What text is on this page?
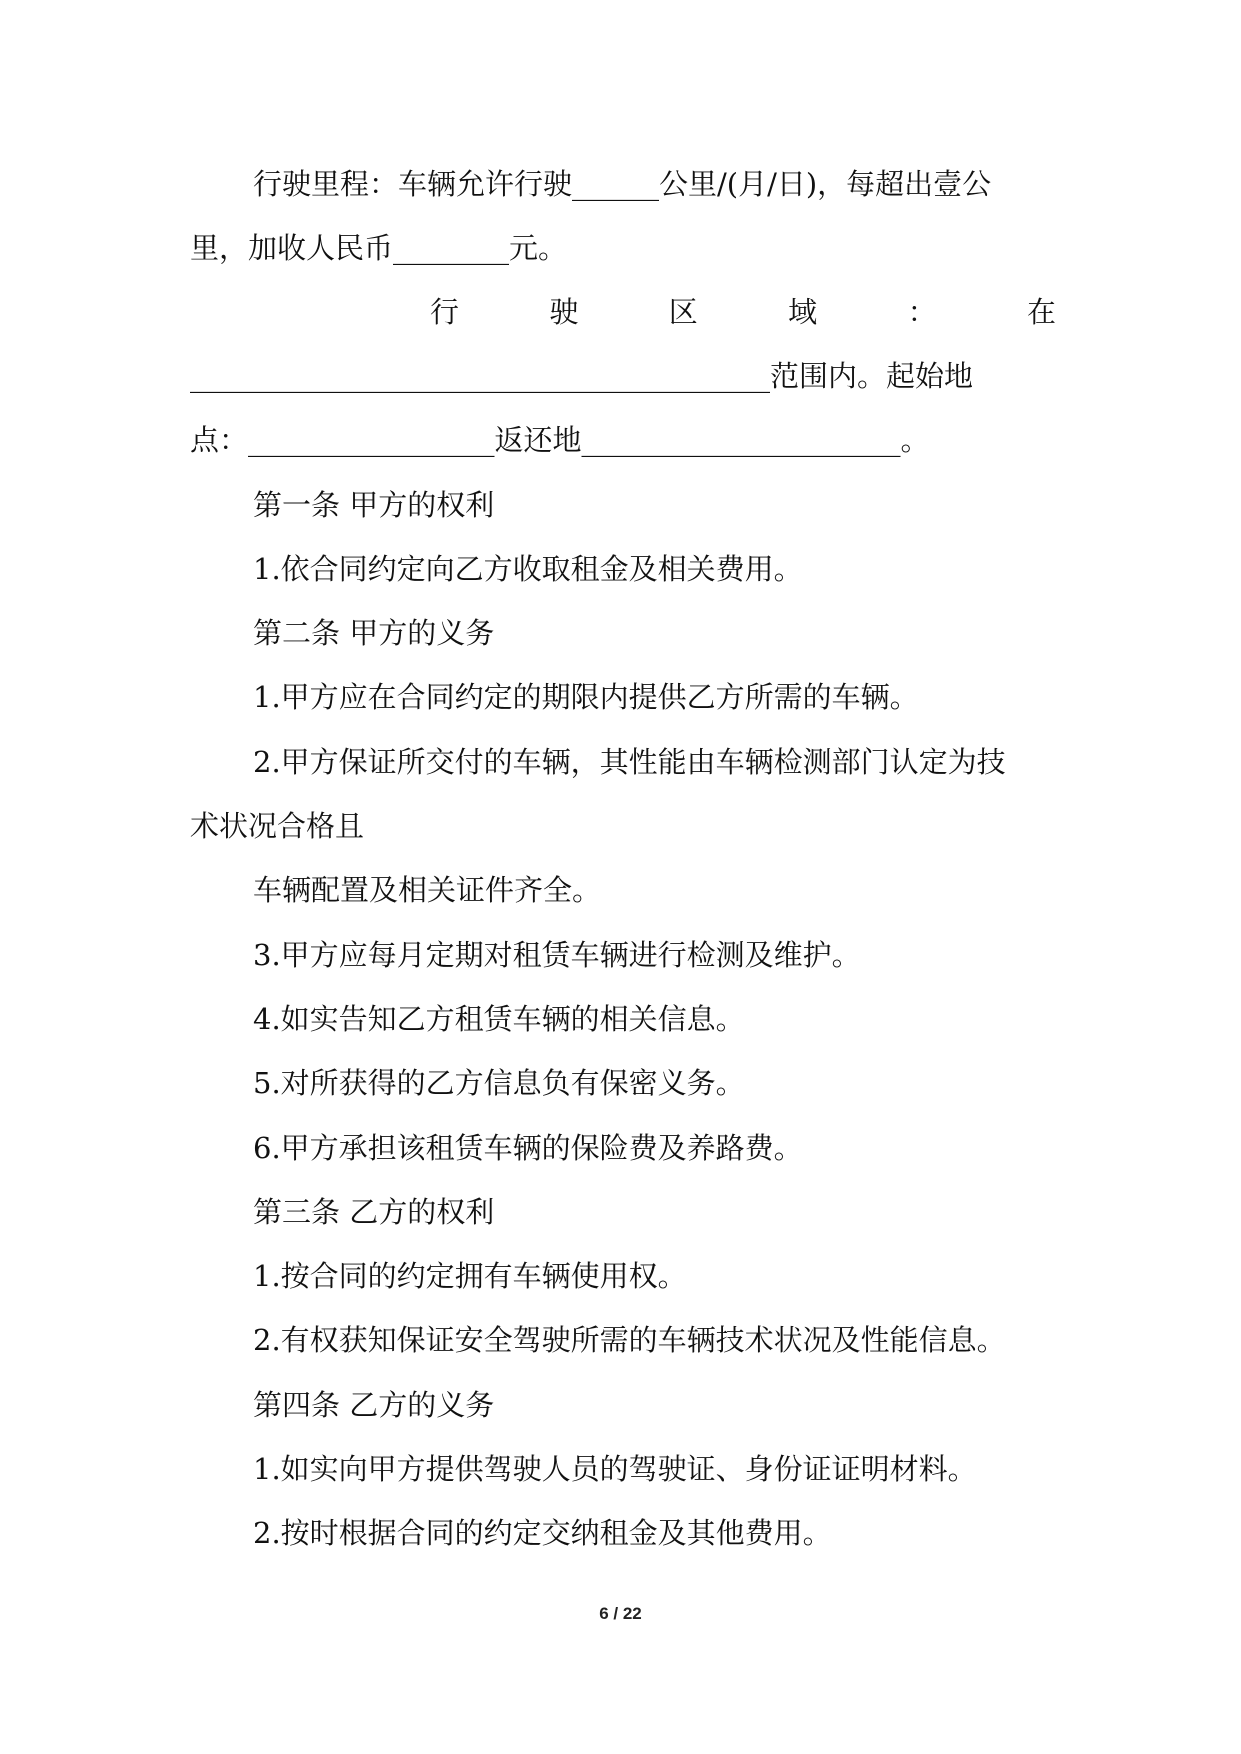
行驶里程：车辆允许行驶______公里/(月/日)，每超出壹公
里，加收人民币________元。
行	驶	区	域	：	在
________________________________________范围内。起始地
点：_________________返还地______________________。
第一条 甲方的权利
1.依合同约定向乙方收取租金及相关费用。
第二条 甲方的义务
1.甲方应在合同约定的期限内提供乙方所需的车辆。
2.甲方保证所交付的车辆，其性能由车辆检测部门认定为技
术状况合格且
车辆配置及相关证件齐全。
3.甲方应每月定期对租赁车辆进行检测及维护。
4.如实告知乙方租赁车辆的相关信息。
5.对所获得的乙方信息负有保密义务。
6.甲方承担该租赁车辆的保险费及养路费。
第三条 乙方的权利
1.按合同的约定拥有车辆使用权。
2.有权获知保证安全驾驶所需的车辆技术状况及性能信息。
第四条 乙方的义务
1.如实向甲方提供驾驶人员的驾驶证、身份证证明材料。
2.按时根据合同的约定交纳租金及其他费用。
6 / 22
